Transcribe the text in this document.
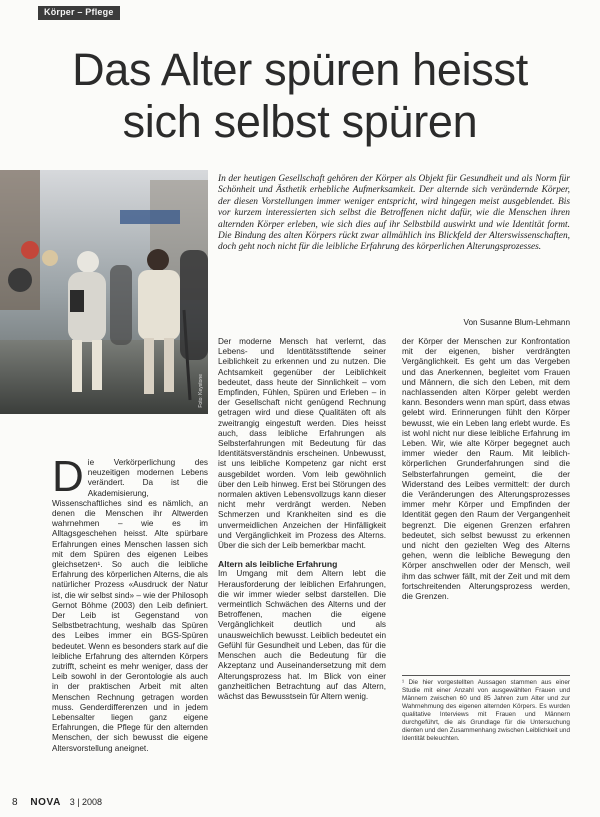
Körper – Pflege
Das Alter spüren heisst
sich selbst spüren
Foto: Keystone
In der heutigen Gesellschaft gehören der Körper als Objekt für Gesundheit und als Norm für Schönheit und Ästhetik erhebliche Aufmerksamkeit. Der alternde sich verändernde Körper, der diesen Vorstellungen immer weniger entspricht, wird hingegen meist ausgeblendet. Bis vor kurzem interessierten sich selbst die Betroffenen nicht dafür, wie die Menschen ihren alternden Körper erleben, wie sich dies auf ihr Selbstbild auswirkt und wie Identität formt. Die Bindung des alten Körpers rückt zwar allmählich ins Blickfeld der Alterswissenschaften, doch geht noch nicht für die leibliche Erfahrung des körperlichen Alterungsprozesses.
Von Susanne Blum-Lehmann
D ie Verkörperlichung des neuzeitigen modernen Lebens verändert. Da ist die Akademisierung, Wissenschaftliches sind es nämlich, an denen die Menschen ihr Altwerden wahrnehmen – wie es im Alltagsgeschehen heisst. Alte spürbare Erfahrungen eines Menschen lassen sich mit dem Spüren des eigenen Leibes gleichsetzen¹. So auch die leibliche Erfahrung des körperlichen Alterns, die als natürlicher Prozess «Ausdruck der Natur ist, die wir selbst sind» – wie der Philosoph Gernot Böhme (2003) den Leib definiert. Der Leib ist Gegenstand von Selbstbetrachtung, weshalb das Spüren des Leibes immer ein BGS-Spüren bedeutet. Wenn es besonders stark auf die leibliche Erfahrung des alternden Körpers zutrifft, scheint es mehr weniger, dass der Leib sowohl in der Gerontologie als auch in der praktischen Arbeit mit alten Menschen Rechnung getragen worden muss. Genderdifferenzen und in jedem Lebensalter liegen ganz eigene Erfahrungen, die Pflege für den alternden Menschen, der sich bewusst die eigene Altersvorstellung aneignet.

Der moderne Mensch hat verlernt, das Lebens- und Identitätsstiftende seiner Leiblichkeit zu erkennen und zu nutzen. Die Achtsamkeit gegenüber der Leiblichkeit bedeutet, dass heute der Sinnlichkeit – vom Empfinden, Fühlen, Spüren und Erleben – in der Gesellschaft nicht genügend Rechnung getragen wird und diese Qualitäten oft als zweitrangig eingestuft werden. Dies heisst auch, dass leibliche Erfahrungen als Selbsterfahrungen mit Bedeutung für das Identitätsverständnis erscheinen. Unbewusst, ist uns leibliche Kompetenz gar nicht erst ausgebildet worden. Vom leib gewöhnlich über den Leib hinweg. Erst bei Störungen des normalen aktiven Lebensvollzugs kann dieser nicht mehr verdrängt werden. Neben Schmerzen und Krankheiten sind es die unvermeidlichen Anzeichen der Hinfälligkeit und Vergänglichkeit im Prozess des Alterns. Über die sich der Leib bemerkbar macht.

Altern als leibliche Erfahrung

Im Umgang mit dem Altern lebt die Herausforderung der leiblichen Erfahrungen, die wir immer wieder selbst darstellen. Die vermeintlich Schwächen des Alterns und der Betroffenen, machen die eigene Vergänglichkeit deutlich und als unausweichlich bewusst. Leiblich bedeutet ein Gefühl für Gesundheit und Leben, das für die Menschen auch die Bedeutung für die Akzeptanz und Auseinandersetzung mit dem Alterungsprozess hat. Im Blick von einer ganzheitlichen Betrachtung auf das Altern, wächst das Bewusstsein für Altern wenig.

der Körper der Menschen zur Konfrontation mit der eigenen, bisher verdrängten Vergänglichkeit. Es geht um das Vergeben und das Anerkennen, begleitet vom Frauen und Männern, die sich den Leben, mit dem nachlassenden alten Körper gelebt werden kann. Besonders wenn man spürt, dass etwas gelebt wird. Erinnerungen fühlt den Körper bewusst, wie ein Leben lang erlebt wurde. Es ist wohl nicht nur diese leibliche Erfahrung im Leben. Wir, wie alte Körper begegnet auch immer wieder den Raum. Mit leiblich-körperlichen Grunderfahrungen sind die Selbsterfahrungen gemeint, die der Widerstand des Leibes vermittelt: der durch die Veränderungen des Alterungsprozesses immer mehr Körper und Empfinden der Identität gegen den Raum der Vergangenheit begrenzt. Die eigenen Grenzen erfahren bedeutet, sich selbst bewusst zu erkennen und nicht den gezielten Weg des Alterns gehen, wenn die leibliche Bewegung den Körper anschwellen oder der Mensch, weil ihm das schwer fällt, mit der Zeit und mit dem fortschreitenden Alterungsprozess werden, die Grenzen.

¹ Die hier vorgestellten Aussagen stammen aus einer Studie mit einer Anzahl von ausgewählten Frauen und Männern zwischen 60 und 85 Jahren zum Alter und zur Wahrnehmung des eigenen alternden Körpers. Es wurden qualitative Interviews mit Frauen und Männern durchgeführt, die als Grundlage für die Untersuchung dienten und den Zusammenhang zwischen Leiblichkeit und Identität beleuchten.
8 NOVA 3 | 2008
